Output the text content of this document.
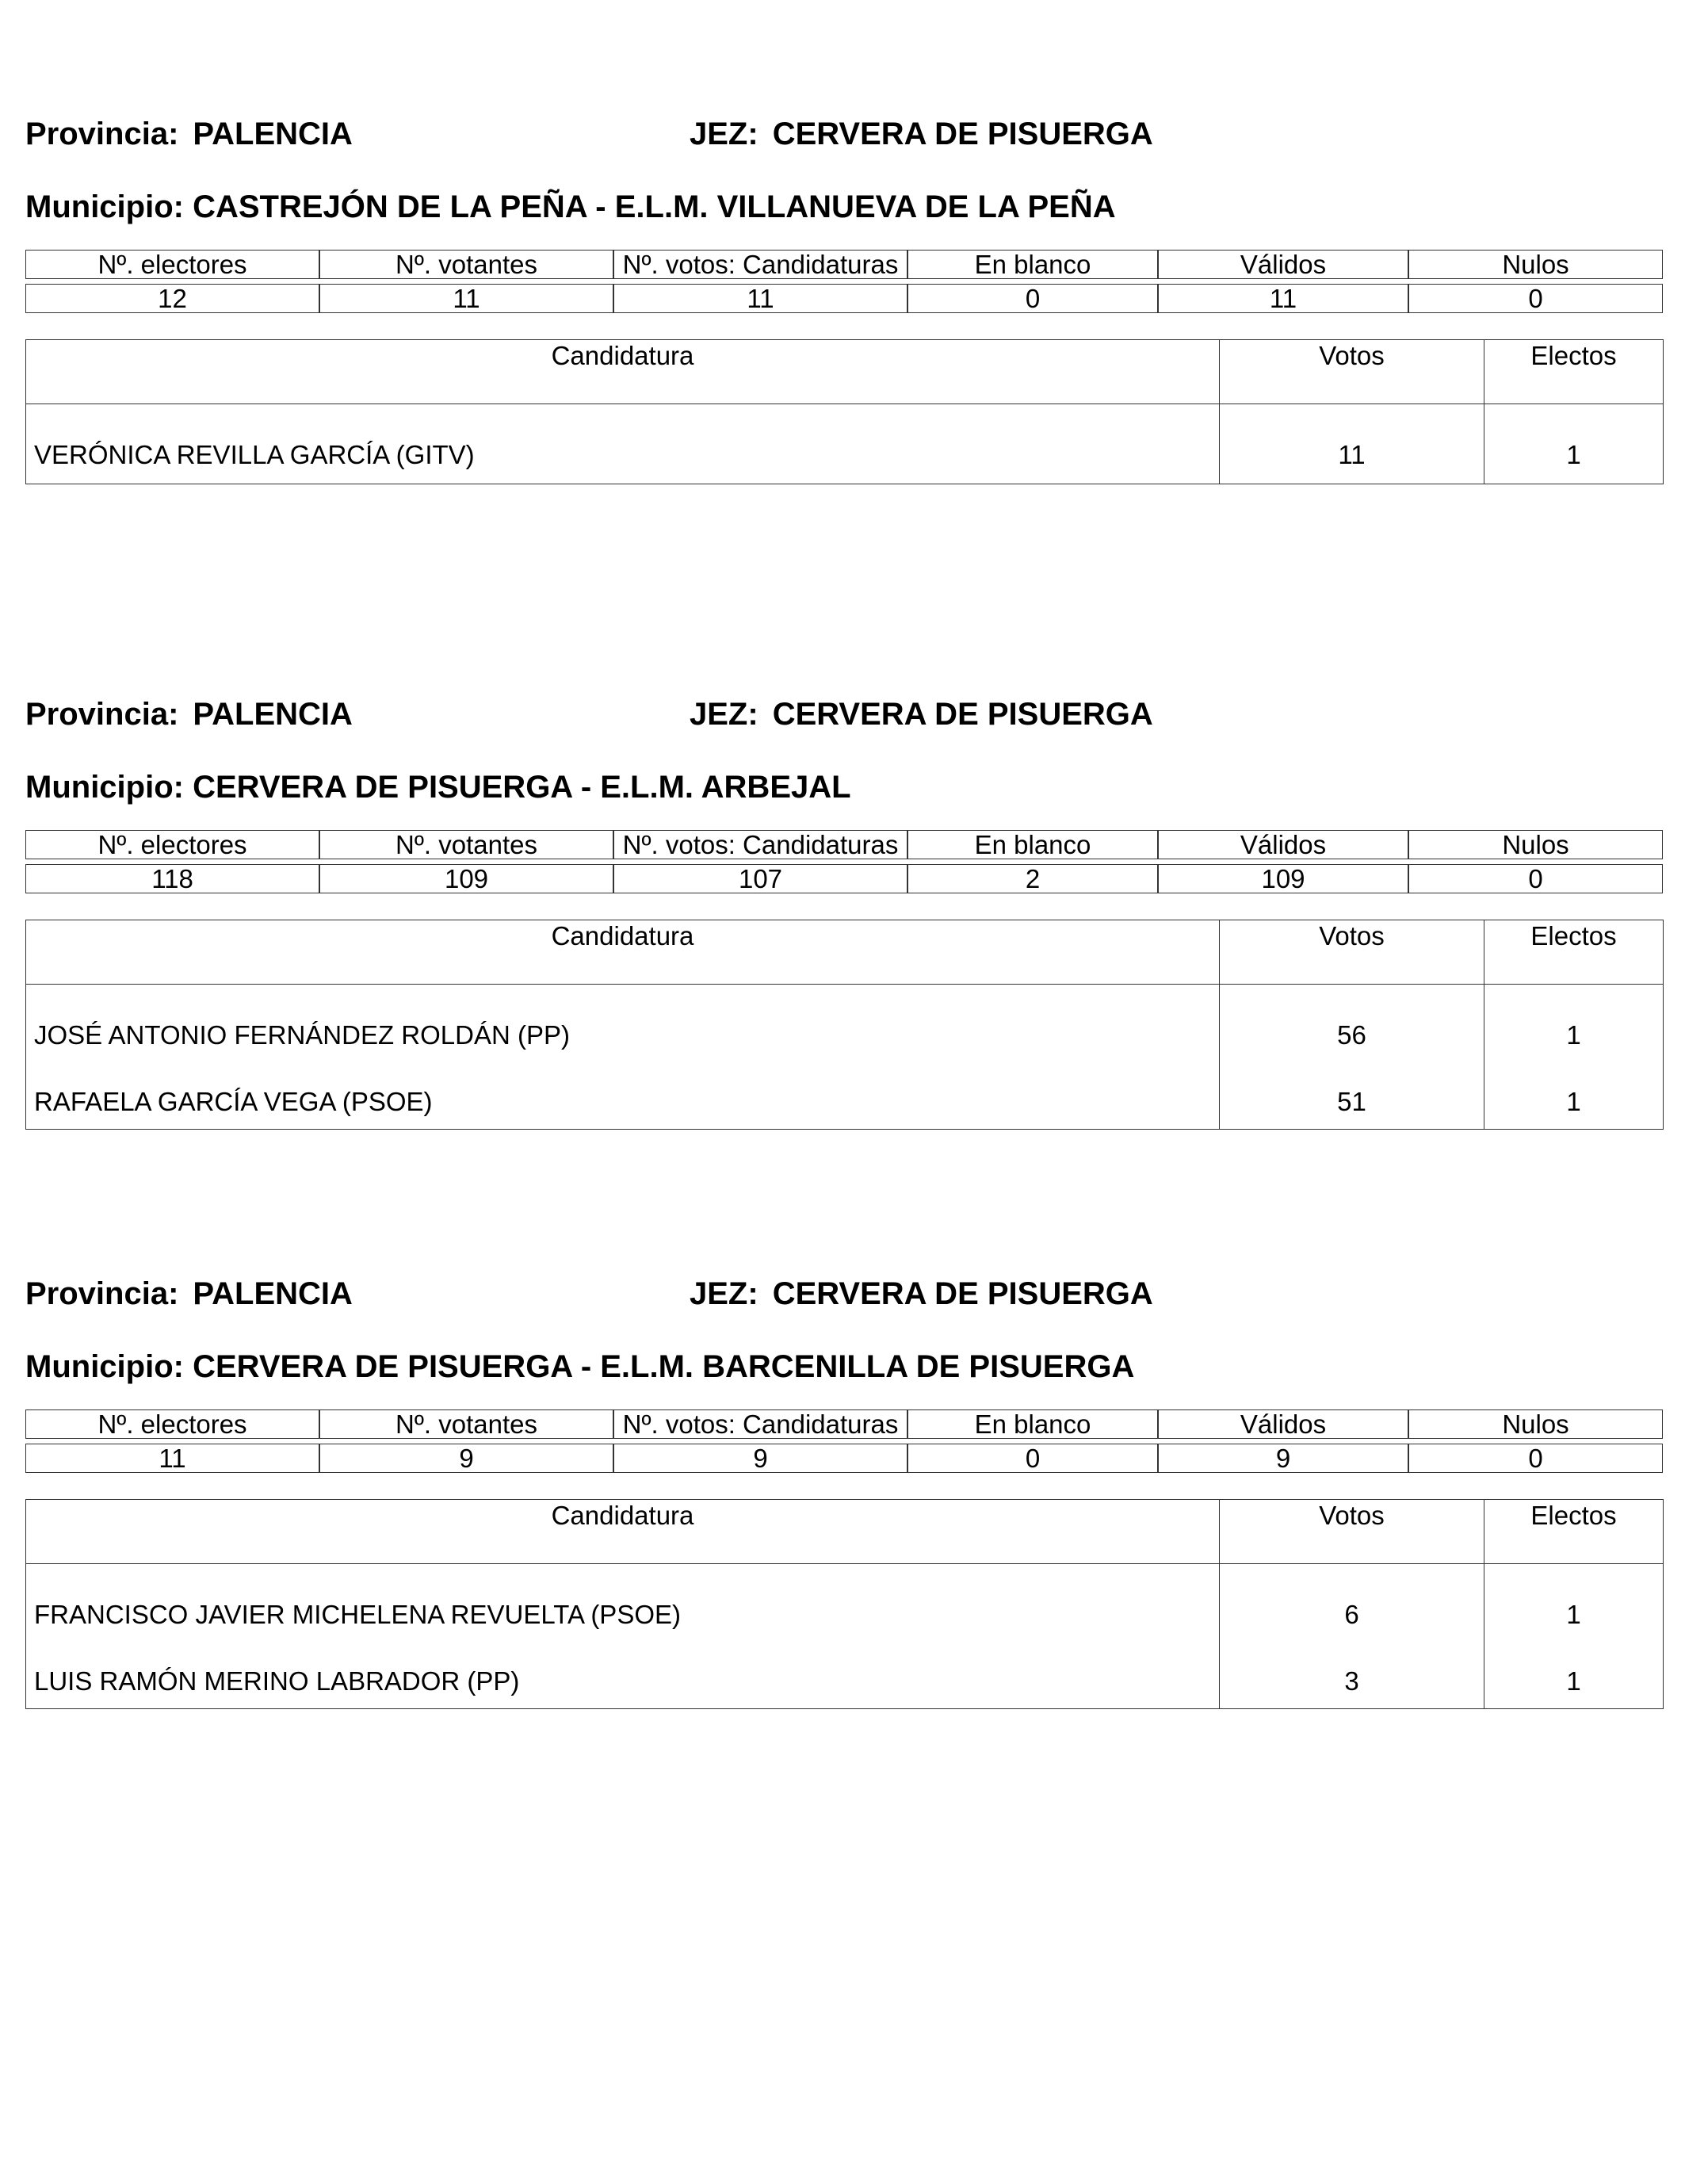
Provincia: PALENCIA	JEZ: CERVERA DE PISUERGA
Municipio: CASTREJÓN DE LA PEÑA - E.L.M. VILLANUEVA DE LA PEÑA
Nº. electores	Nº. votantes	Nº. votos: Candidaturas	En blanco	Válidos	Nulos

12	11	11	0	11	0
Candidatura	Votos	Electos
VERÓNICA REVILLA GARCÍA (GITV)	11	1
Provincia: PALENCIA	JEZ: CERVERA DE PISUERGA
Municipio: CERVERA DE PISUERGA - E.L.M. ARBEJAL
Nº. electores	Nº. votantes	Nº. votos: Candidaturas	En blanco	Válidos	Nulos

118	109	107	2	109	0
Candidatura	Votos	Electos
JOSÉ ANTONIO FERNÁNDEZ ROLDÁN (PP)	56	1
RAFAELA GARCÍA VEGA (PSOE)	51	1
Provincia: PALENCIA	JEZ: CERVERA DE PISUERGA
Municipio: CERVERA DE PISUERGA - E.L.M. BARCENILLA DE PISUERGA
Nº. electores	Nº. votantes	Nº. votos: Candidaturas	En blanco	Válidos	Nulos

11	9	9	0	9	0
Candidatura	Votos	Electos
FRANCISCO JAVIER MICHELENA REVUELTA (PSOE)	6	1
LUIS RAMÓN MERINO LABRADOR (PP)	3	1
